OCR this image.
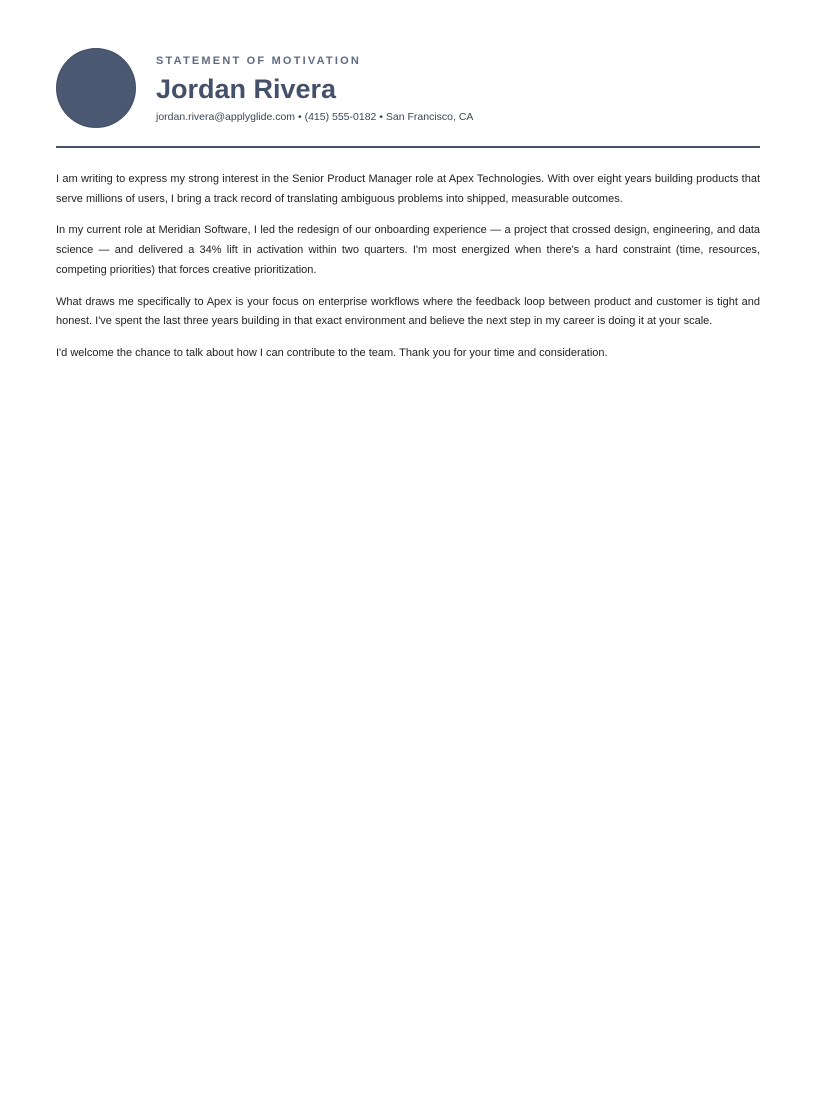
STATEMENT OF MOTIVATION
Jordan Rivera
jordan.rivera@applyglide.com • (415) 555-0182 • San Francisco, CA

I am writing to express my strong interest in the Senior Product Manager role at Apex Technologies. With over eight years building products that serve millions of users, I bring a track record of translating ambiguous problems into shipped, measurable outcomes.

In my current role at Meridian Software, I led the redesign of our onboarding experience — a project that crossed design, engineering, and data science — and delivered a 34% lift in activation within two quarters. I'm most energized when there's a hard constraint (time, resources, competing priorities) that forces creative prioritization.

What draws me specifically to Apex is your focus on enterprise workflows where the feedback loop between product and customer is tight and honest. I've spent the last three years building in that exact environment and believe the next step in my career is doing it at your scale.

I'd welcome the chance to talk about how I can contribute to the team. Thank you for your time and consideration.
